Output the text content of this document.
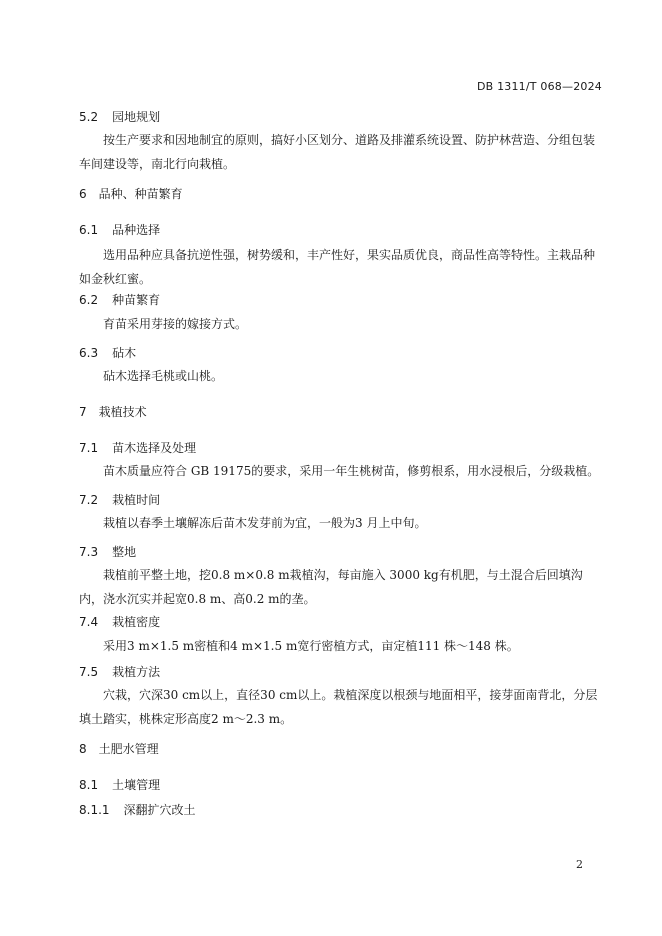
DB 1311/T 068—2024
5.2 园地规划
按生产要求和因地制宜的原则，搞好小区划分、道路及排灌系统设置、防护林营造、分组包装车间建设等，南北行向栽植。
6 品种、种苗繁育
6.1 品种选择
选用品种应具备抗逆性强，树势缓和，丰产性好，果实品质优良，商品性高等特性。主栽品种如金秋红蜜。
6.2 种苗繁育
育苗采用芽接的嫁接方式。
6.3 砧木
砧木选择毛桃或山桃。
7 栽植技术
7.1 苗木选择及处理
苗木质量应符合 GB 19175的要求，采用一年生桃树苗，修剪根系，用水浸根后，分级栽植。
7.2 栽植时间
栽植以春季土壤解冻后苗木发芽前为宜，一般为3 月上中旬。
7.3 整地
栽植前平整土地，挖0.8 m×0.8 m栽植沟，每亩施入 3000 kg有机肥，与土混合后回填沟内，浇水沉实并起宽0.8 m、高0.2 m的垄。
7.4 栽植密度
采用3 m×1.5 m密植和4 m×1.5 m宽行密植方式，亩定植111 株～148 株。
7.5 栽植方法
穴栽，穴深30 cm以上，直径30 cm以上。栽植深度以根颈与地面相平，接芽面南背北，分层填土踏实，桃株定形高度2 m～2.3 m。
8 土肥水管理
8.1 土壤管理
8.1.1 深翻扩穴改土
2
